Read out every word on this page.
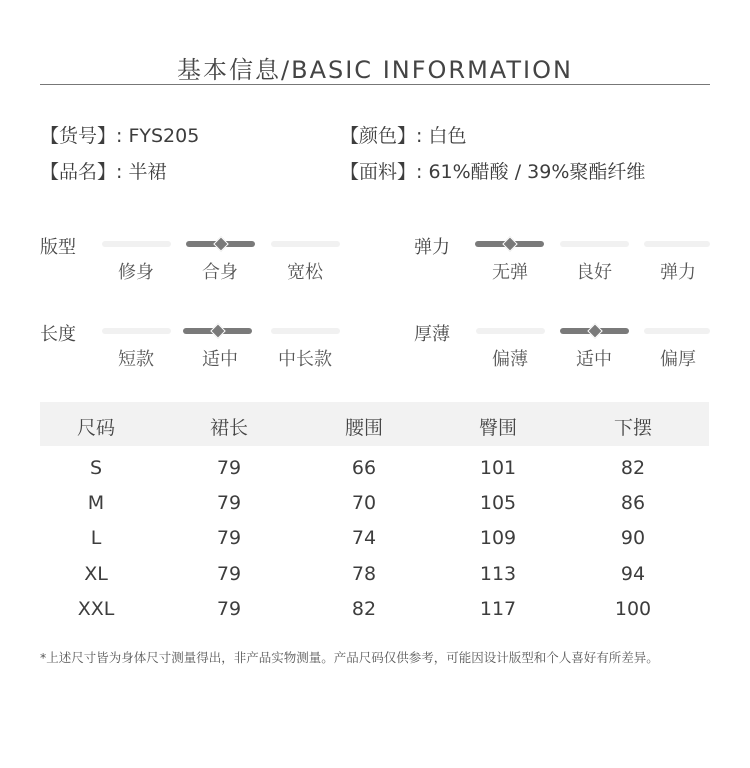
基本信息/BASIC INFORMATION
【货号】: FYS205	【颜色】: 白色
【品名】: 半裙	【面料】: 61%醋酸 / 39%聚酯纤维
版型
修身	合身	宽松
弹力
无弹	良好	弹力
长度
短款	适中	中长款
厚薄
偏薄	适中	偏厚
尺码	裙长	腰围	臀围	下摆
S	79	66	101	82
M	79	70	105	86
L	79	74	109	90
XL	79	78	113	94
XXL	79	82	117	100
*上述尺寸皆为身体尺寸测量得出，非产品实物测量。产品尺码仅供参考，可能因设计版型和个人喜好有所差异。
